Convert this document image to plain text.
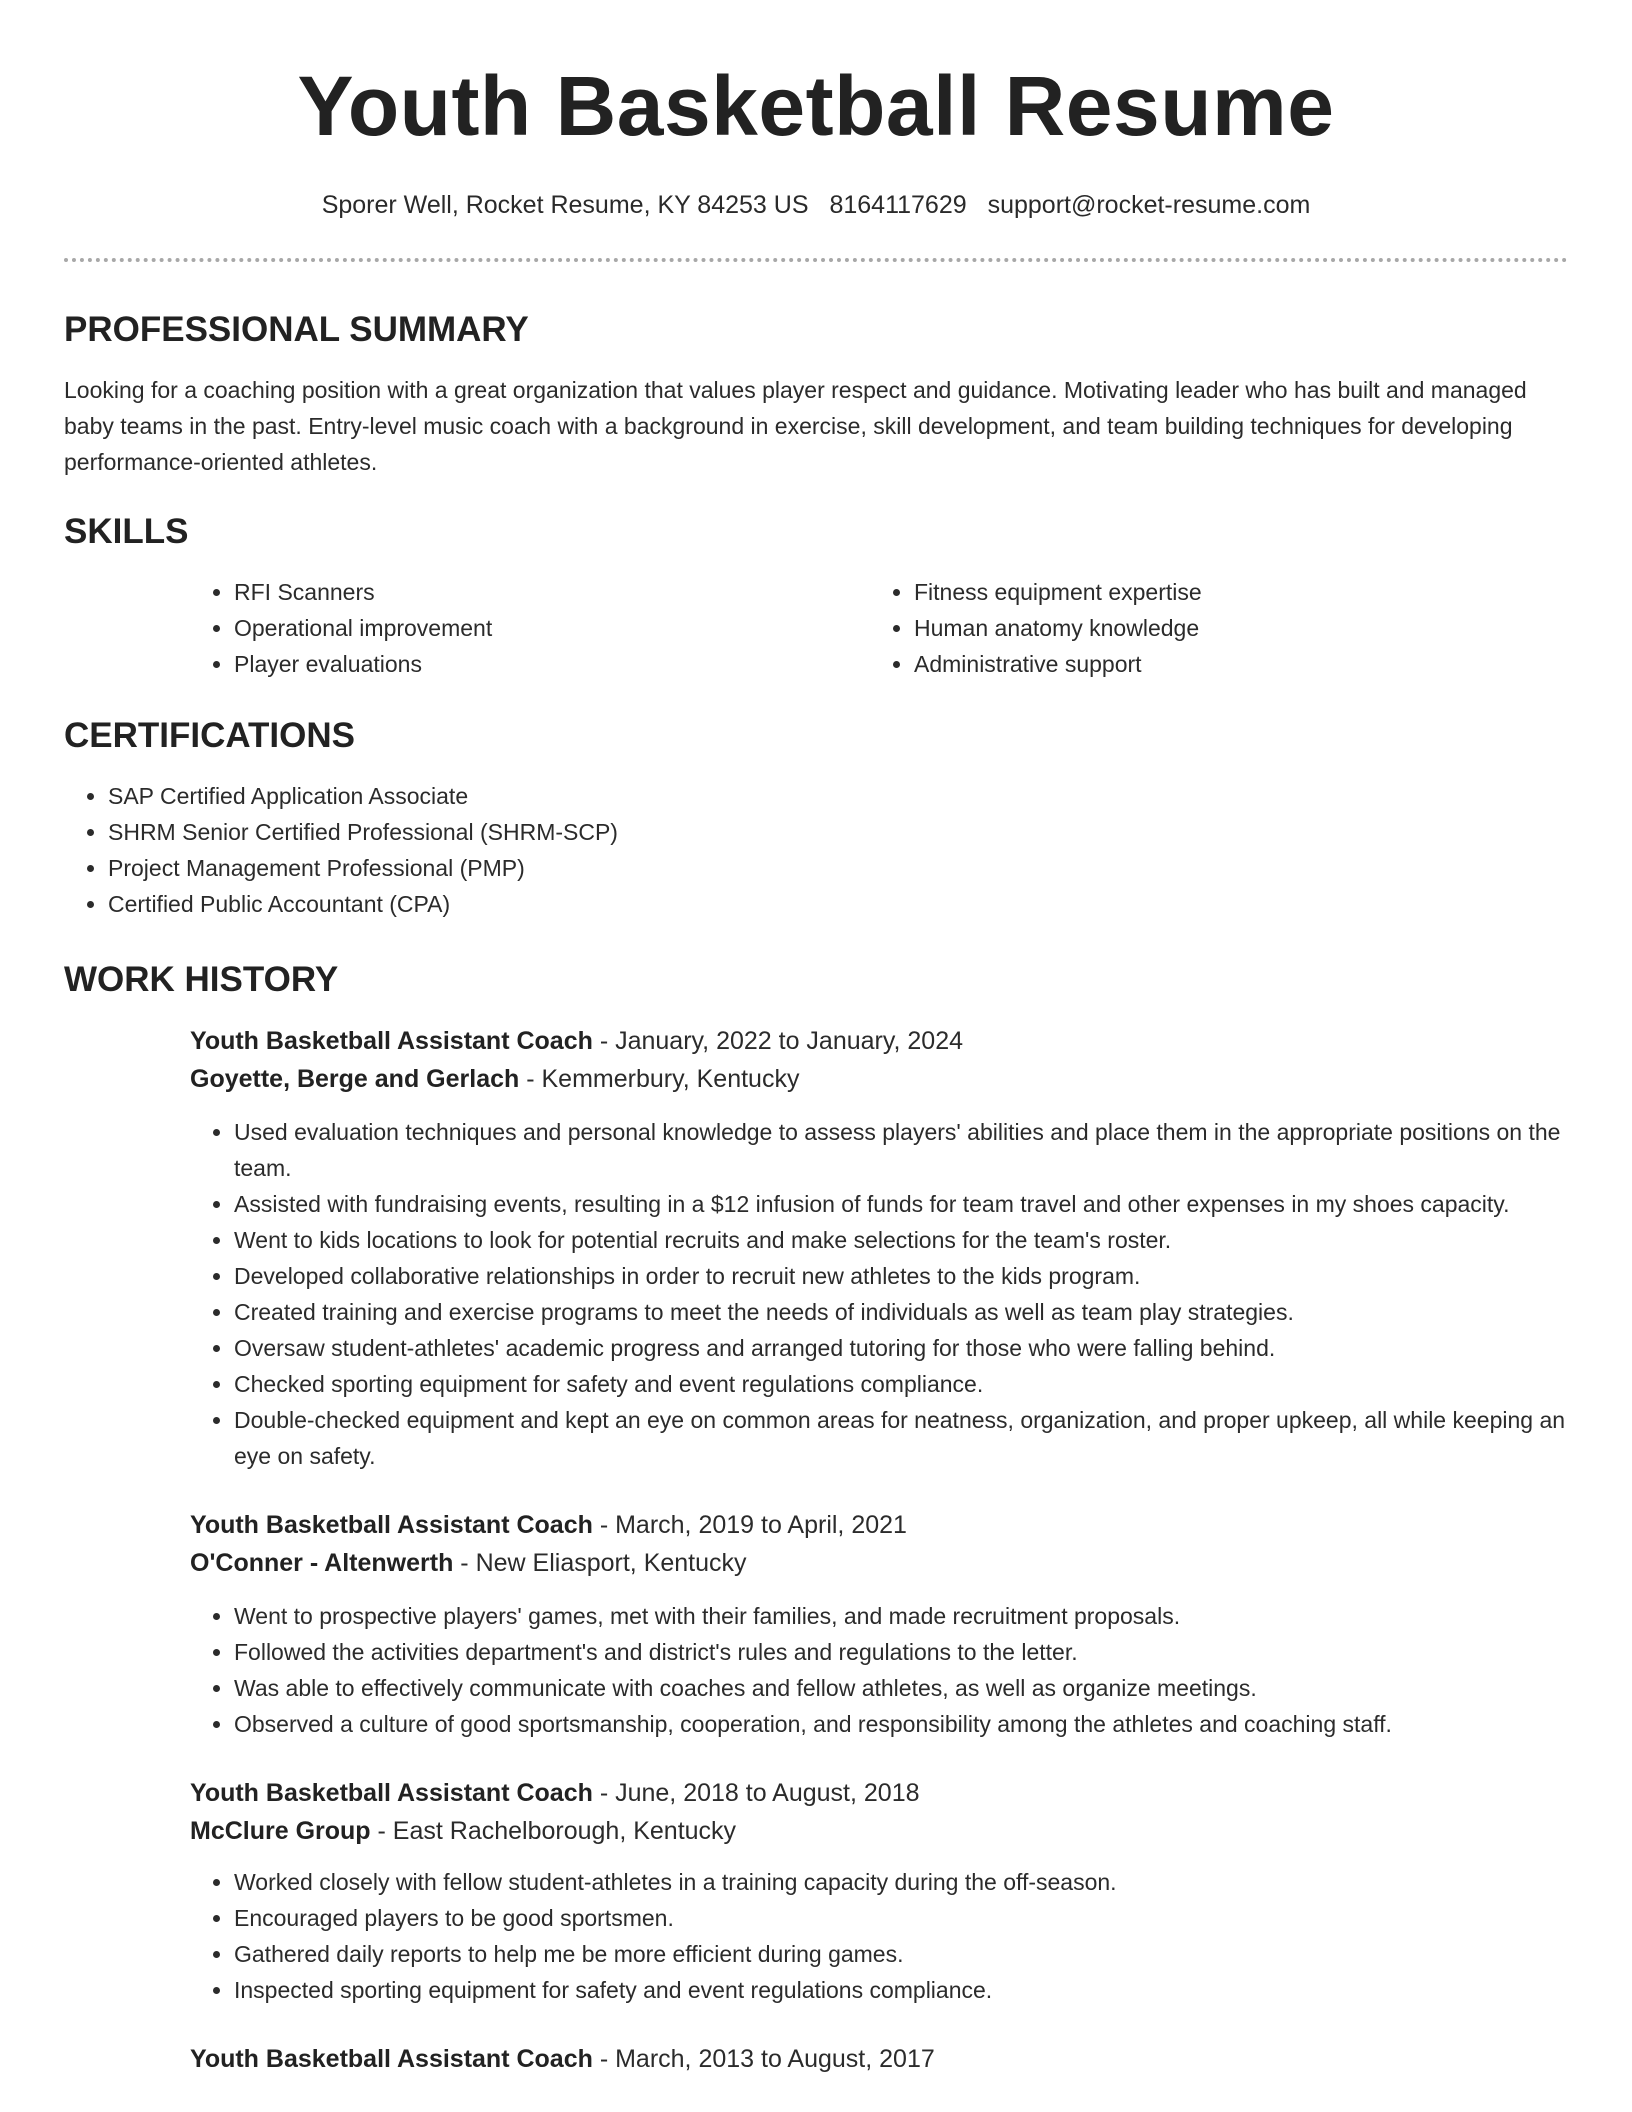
Youth Basketball Resume
Sporer Well, Rocket Resume, KY 84253 US 8164117629 support@rocket-resume.com
PROFESSIONAL SUMMARY

Looking for a coaching position with a great organization that values player respect and guidance. Motivating leader who has built and managed baby teams in the past. Entry-level music coach with a background in exercise, skill development, and team building techniques for developing performance-oriented athletes.

SKILLS
• RFI Scanners
• Operational improvement
• Player evaluations
• Fitness equipment expertise
• Human anatomy knowledge
• Administrative support
CERTIFICATIONS
• SAP Certified Application Associate
• SHRM Senior Certified Professional (SHRM-SCP)
• Project Management Professional (PMP)
• Certified Public Accountant (CPA)
WORK HISTORY
Youth Basketball Assistant Coach - January, 2022 to January, 2024
Goyette, Berge and Gerlach - Kemmerbury, Kentucky
• Used evaluation techniques and personal knowledge to assess players' abilities and place them in the appropriate positions on the team.
• Assisted with fundraising events, resulting in a $12 infusion of funds for team travel and other expenses in my shoes capacity.
• Went to kids locations to look for potential recruits and make selections for the team's roster.
• Developed collaborative relationships in order to recruit new athletes to the kids program.
• Created training and exercise programs to meet the needs of individuals as well as team play strategies.
• Oversaw student-athletes' academic progress and arranged tutoring for those who were falling behind.
• Checked sporting equipment for safety and event regulations compliance.
• Double-checked equipment and kept an eye on common areas for neatness, organization, and proper upkeep, all while keeping an eye on safety.
Youth Basketball Assistant Coach - March, 2019 to April, 2021
O'Conner - Altenwerth - New Eliasport, Kentucky
• Went to prospective players' games, met with their families, and made recruitment proposals.
• Followed the activities department's and district's rules and regulations to the letter.
• Was able to effectively communicate with coaches and fellow athletes, as well as organize meetings.
• Observed a culture of good sportsmanship, cooperation, and responsibility among the athletes and coaching staff.
Youth Basketball Assistant Coach - June, 2018 to August, 2018
McClure Group - East Rachelborough, Kentucky
• Worked closely with fellow student-athletes in a training capacity during the off-season.
• Encouraged players to be good sportsmen.
• Gathered daily reports to help me be more efficient during games.
• Inspected sporting equipment for safety and event regulations compliance.
Youth Basketball Assistant Coach - March, 2013 to August, 2017
